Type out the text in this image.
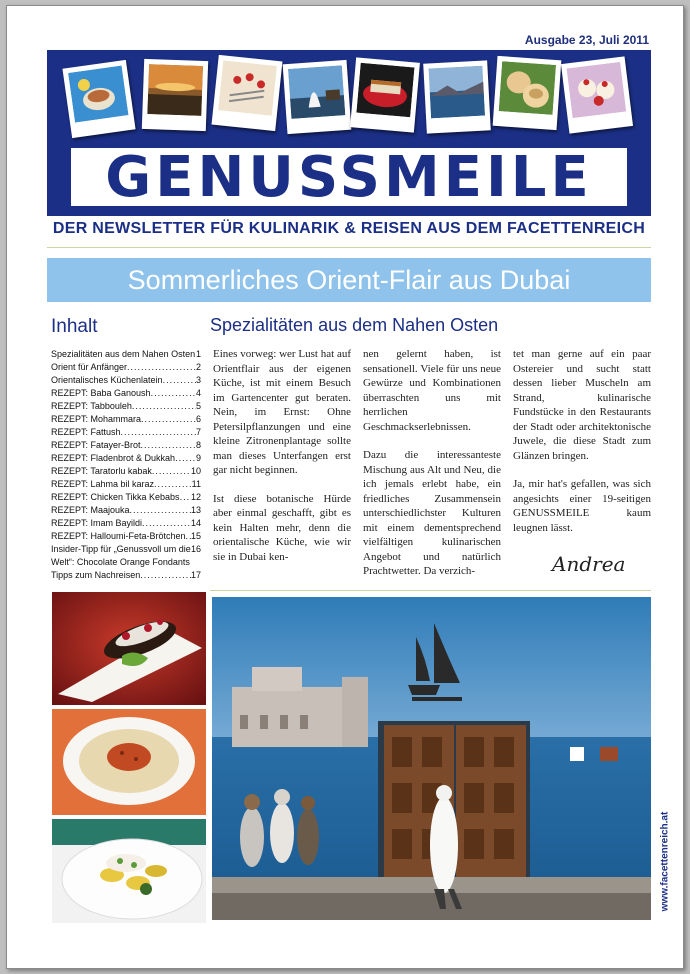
Ausgabe 23, Juli 2011
GENUSSMEILE
DER NEWSLETTER FÜR KULINARIK & REISEN AUS DEM FACETTENREICH
Sommerliches Orient-Flair aus Dubai
Inhalt
Spezialitäten aus dem Nahen Osten ..... 1
Orient für Anfänger .....	2
Orientalisches Küchenlatein .....	3
REZEPT: Baba Ganoush .....	4
REZEPT: Tabbouleh .....	5
REZEPT: Mohammara .....	6
REZEPT: Fattush .....	7
REZEPT: Fatayer-Brot .....	8
REZEPT: Fladenbrot & Dukkah ..... 9
REZEPT: Taratorlu kabak .....	10
REZEPT: Lahma bil karaz .....	11
REZEPT: Chicken Tikka Kebabs ..... 12
REZEPT: Maajouka .....	13
REZEPT: Imam Bayildi .....	14
REZEPT: Halloumi-Feta-Brötchen ..... 15
Insider-Tipp für „Genussvoll um die Welt“: Chocolate Orange Fondants
16
Tipps zum Nachreisen .....	17
Spezialitäten aus dem Nahen Osten

Eines vorweg: wer Lust hat auf Orientflair aus der eigenen Küche, ist mit einem Besuch im Gartencenter gut beraten. Nein, im Ernst: Ohne Petersilpflanzungen und eine kleine Zitronenplantage sollte man dieses Unterfangen erst gar nicht beginnen.

Ist diese botanische Hürde aber einmal geschafft, gibt es kein Halten mehr, denn die orientalische Küche, wie wir sie in Dubai ken-

nen gelernt haben, ist sensationell. Viele für uns neue Gewürze und Kombinationen überraschten uns mit herrlichen Geschmackserlebnissen.

Dazu die interessanteste Mischung aus Alt und Neu, die ich jemals erlebt habe, ein friedliches Zusammensein unterschiedlichster Kulturen mit einem dementsprechend vielfältigen kulinarischen Angebot und natürlich Prachtwetter. Da verzich-

tet man gerne auf ein paar Ostereier und sucht statt dessen lieber Muscheln am Strand, kulinarische Fundstücke in den Restaurants der Stadt oder architektonische Juwele, die diese Stadt zum Glänzen bringen.

Ja, mir hat's gefallen, was sich angesichts einer 19-seitigen GENUSSMEILE kaum leugnen lässt.

Andrea
www.facettenreich.at
